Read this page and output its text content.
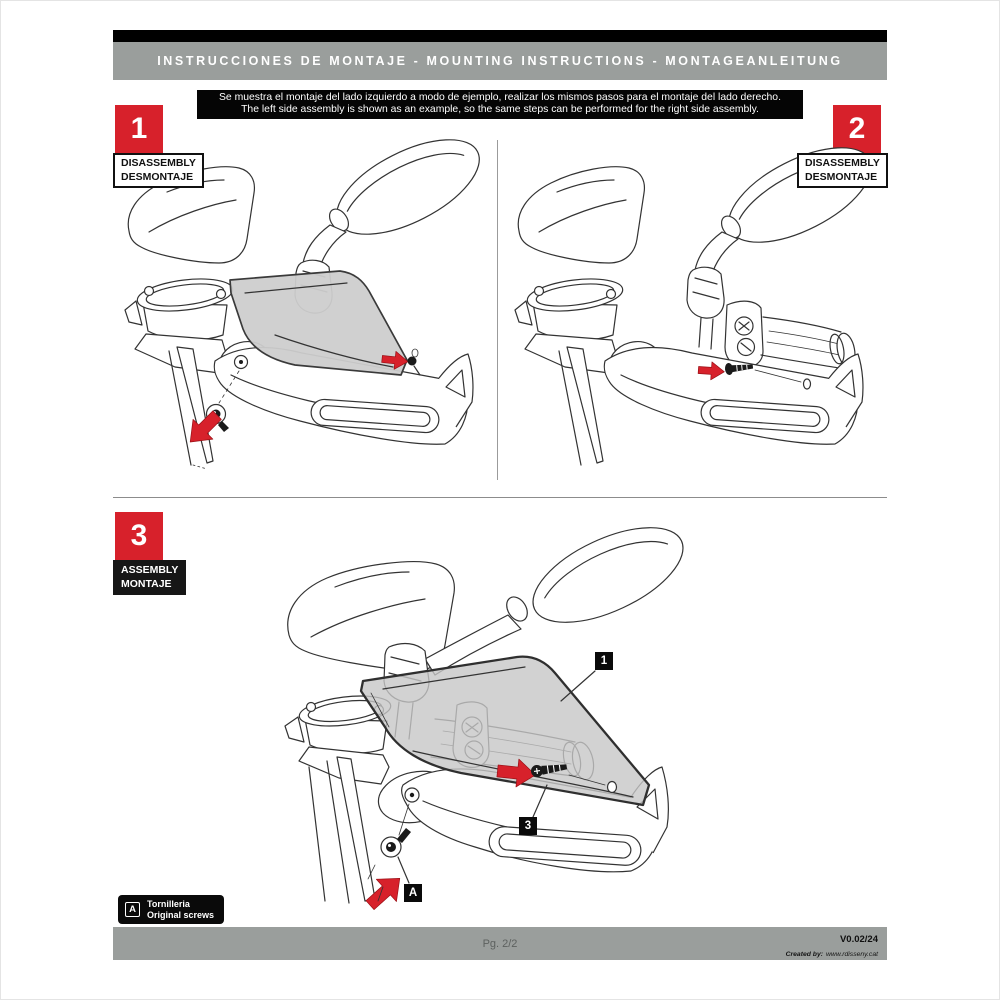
INSTRUCCIONES DE MONTAJE - MOUNTING INSTRUCTIONS - MONTAGEANLEITUNG
Se muestra el montaje del lado izquierdo a modo de ejemplo, realizar los mismos pasos para el montaje del lado derecho.
The left side assembly is shown as an example, so the same steps can be performed for the right side assembly.
1
DISASSEMBLY
DESMONTAJE
2
DISASSEMBLY
DESMONTAJE
3
ASSEMBLY
MONTAJE
1
3
A
A	Tornilleria
Original screws
Pg. 2/2	V0.02/24
Created by: www.rdisseny.cat
